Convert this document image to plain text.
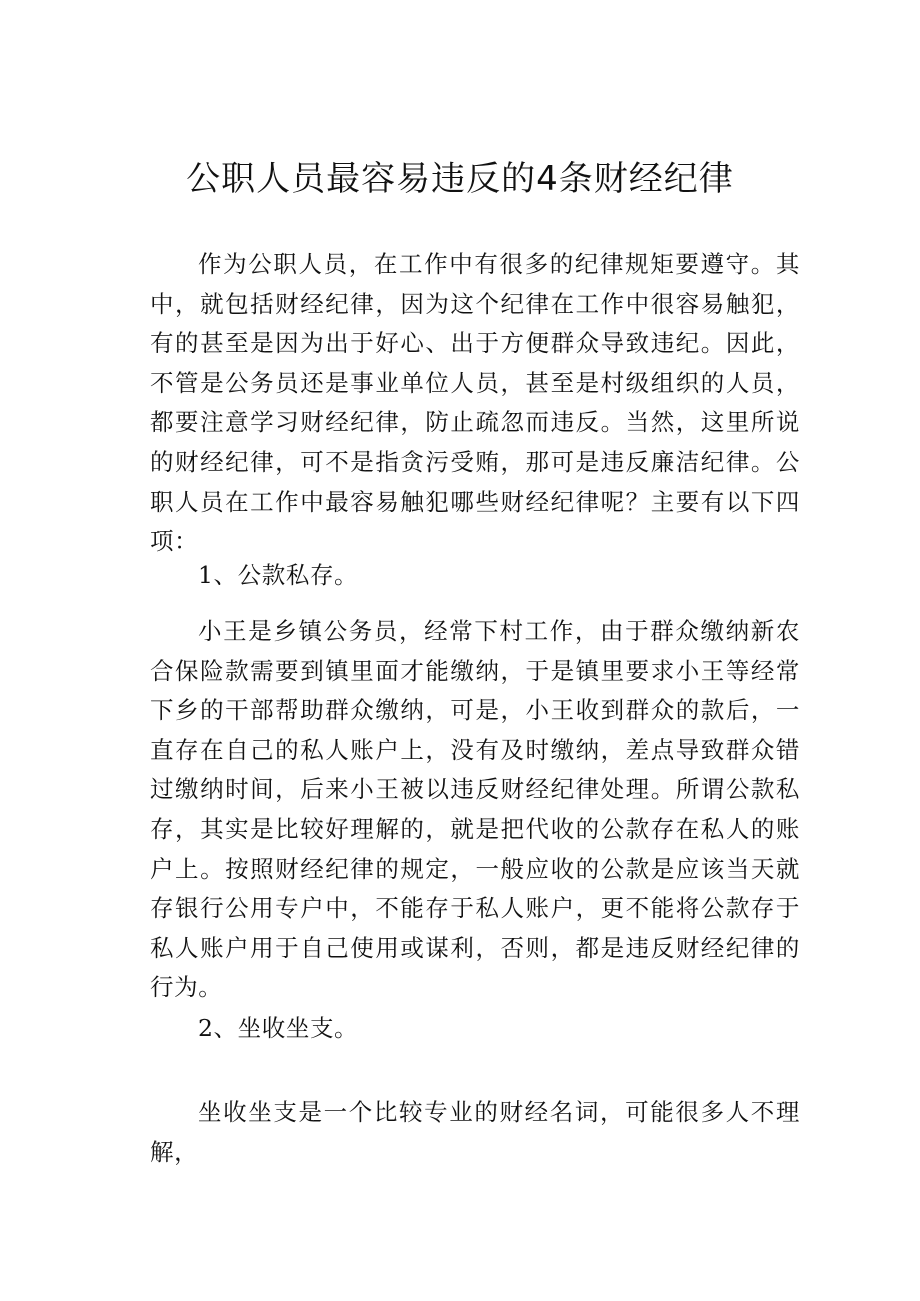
公职人员最容易违反的4条财经纪律

作为公职人员，在工作中有很多的纪律规矩要遵守。其中，就包括财经纪律，因为这个纪律在工作中很容易触犯，有的甚至是因为出于好心、出于方便群众导致违纪。因此，不管是公务员还是事业单位人员，甚至是村级组织的人员，都要注意学习财经纪律，防止疏忽而违反。当然，这里所说的财经纪律，可不是指贪污受贿，那可是违反廉洁纪律。公职人员在工作中最容易触犯哪些财经纪律呢？主要有以下四项：

1、公款私存。

小王是乡镇公务员，经常下村工作，由于群众缴纳新农合保险款需要到镇里面才能缴纳，于是镇里要求小王等经常下乡的干部帮助群众缴纳，可是，小王收到群众的款后，一直存在自己的私人账户上，没有及时缴纳，差点导致群众错过缴纳时间，后来小王被以违反财经纪律处理。所谓公款私存，其实是比较好理解的，就是把代收的公款存在私人的账户上。按照财经纪律的规定，一般应收的公款是应该当天就存银行公用专户中，不能存于私人账户，更不能将公款存于私人账户用于自己使用或谋利，否则，都是违反财经纪律的行为。

2、坐收坐支。

坐收坐支是一个比较专业的财经名词，可能很多人不理解，
